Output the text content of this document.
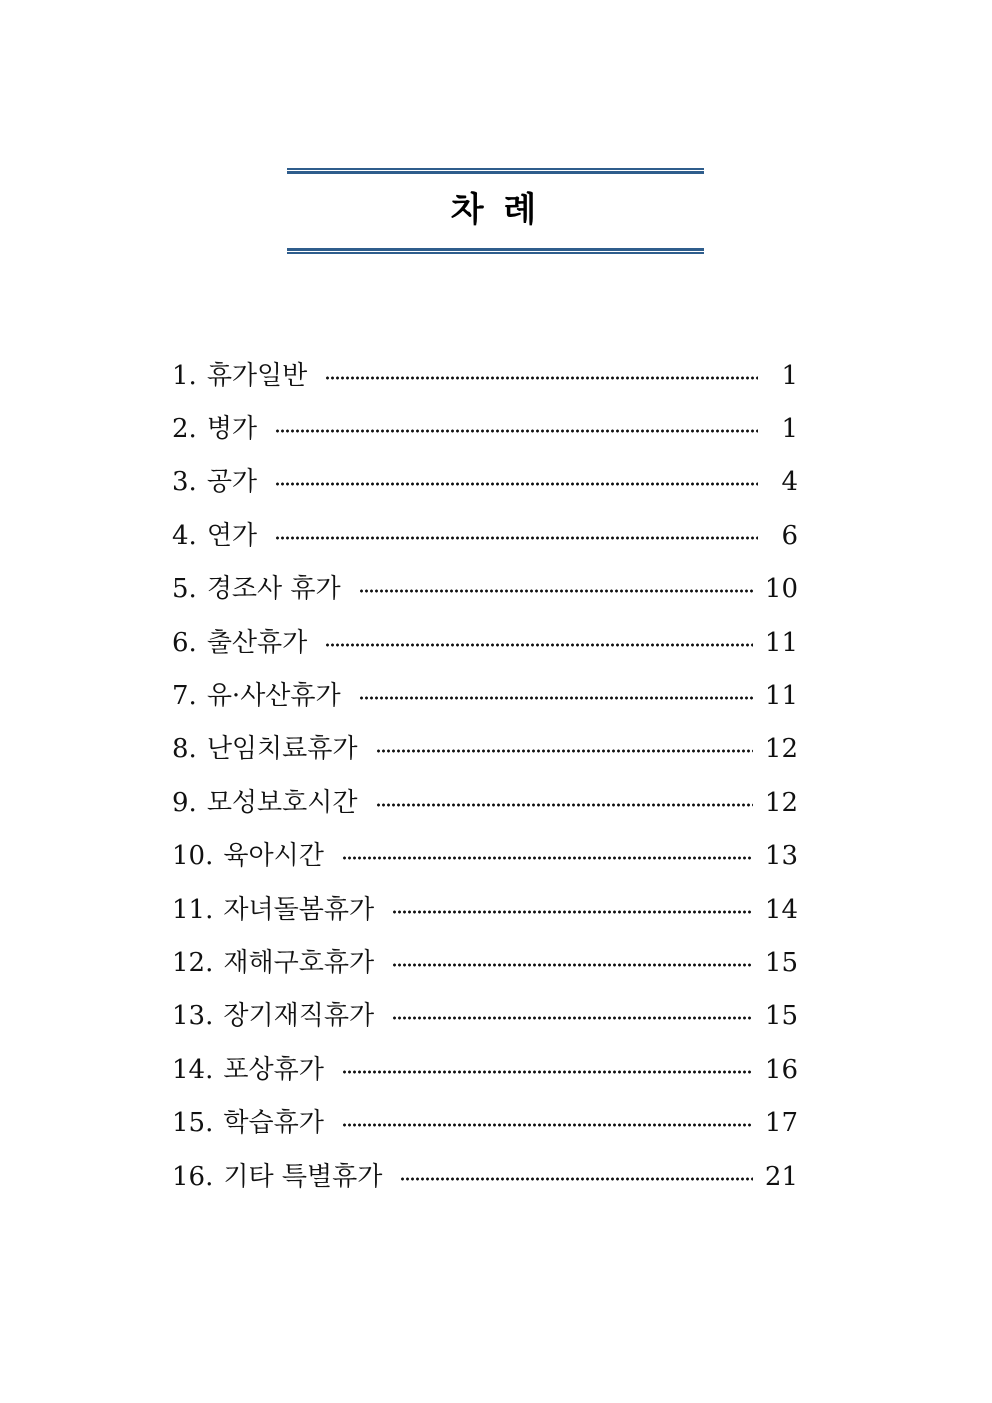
차 례
1. 휴가일반	1
2. 병가	1
3. 공가	4
4. 연가	6
5. 경조사 휴가	10
6. 출산휴가	11
7. 유·사산휴가	11
8. 난임치료휴가	12
9. 모성보호시간	12
10. 육아시간	13
11. 자녀돌봄휴가	14
12. 재해구호휴가	15
13. 장기재직휴가	15
14. 포상휴가	16
15. 학습휴가	17
16. 기타 특별휴가	21
